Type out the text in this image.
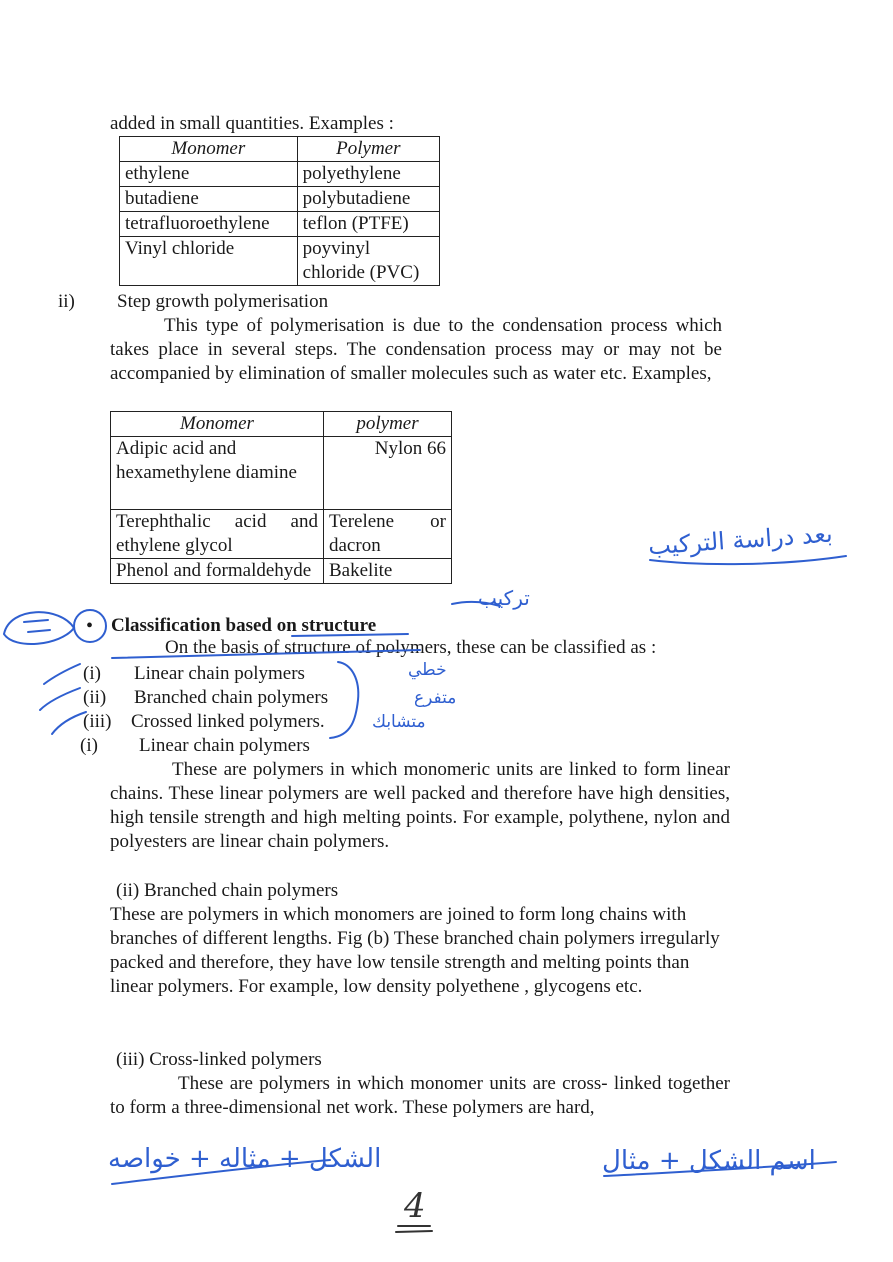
added in small quantities. Examples :
Monomer	Polymer
ethylene	polyethylene
butadiene	polybutadiene
tetrafluoroethylene	teflon (PTFE)
Vinyl chloride	poyvinyl chloride (PVC)
ii) Step growth polymerisation
This type of polymerisation is due to the condensation process which takes place in several steps. The condensation process may or may not be accompanied by elimination of smaller molecules such as water etc. Examples,
Monomer	polymer
Adipic acid and hexamethylene diamine	Nylon 66
Terephthalic acid and ethylene glycol	Terelene or dacron
Phenol and formaldehyde	Bakelite
• Classification based on structure
On the basis of structure of polymers, these can be classified as :
(i) Linear chain polymers
(ii) Branched chain polymers
(iii) Crossed linked polymers.
(i) Linear chain polymers
These are polymers in which monomeric units are linked to form linear chains. These linear polymers are well packed and therefore have high densities, high tensile strength and high melting points. For example, polythene, nylon and polyesters are linear chain polymers.
(ii) Branched chain polymers
These are polymers in which monomers are joined to form long chains with branches of different lengths. Fig (b) These branched chain polymers irregularly packed and therefore, they have low tensile strength and melting points than linear polymers. For example, low density polyethene , glycogens etc.
(iii) Cross-linked polymers
These are polymers in which monomer units are cross- linked together to form a three-dimensional net work. These polymers are hard,
بعد دراسة التركيب
تركيب
خطي
متفرع
متشابك
الشكل + مثاله + خواصه	اسم الشكل + مثال
4
